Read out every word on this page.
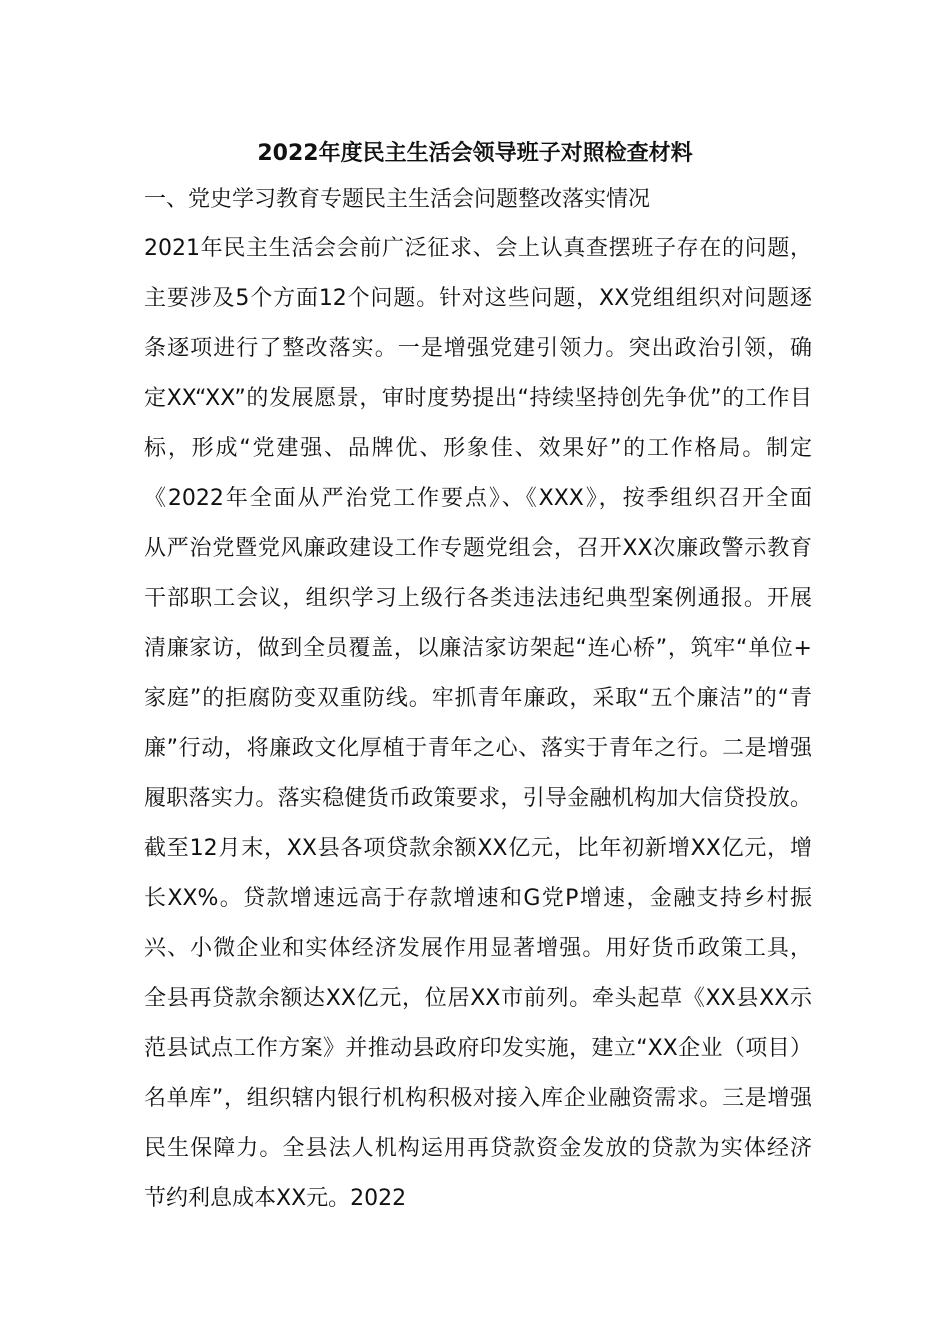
2022年度民主生活会领导班子对照检查材料
一、党史学习教育专题民主生活会问题整改落实情况
2021年民主生活会会前广泛征求、会上认真查摆班子存在的问题，
主要涉及5个方面12个问题。针对这些问题，XX党组组织对问题逐
条逐项进行了整改落实。一是增强党建引领力。突出政治引领，确
定XX“XX”的发展愿景，审时度势提出“持续坚持创先争优”的工作目
标，形成“党建强、品牌优、形象佳、效果好”的工作格局。制定
《2022年全面从严治党工作要点》、《XXX》，按季组织召开全面
从严治党暨党风廉政建设工作专题党组会，召开XX次廉政警示教育
干部职工会议，组织学习上级行各类违法违纪典型案例通报。开展
清廉家访，做到全员覆盖，以廉洁家访架起“连心桥”，筑牢“单位+
家庭”的拒腐防变双重防线。牢抓青年廉政，采取“五个廉洁”的“青
廉”行动，将廉政文化厚植于青年之心、落实于青年之行。二是增强
履职落实力。落实稳健货币政策要求，引导金融机构加大信贷投放。
截至12月末，XX县各项贷款余额XX亿元，比年初新增XX亿元，增
长XX%。贷款增速远高于存款增速和G党P增速，金融支持乡村振
兴、小微企业和实体经济发展作用显著增强。用好货币政策工具，
全县再贷款余额达XX亿元，位居XX市前列。牵头起草《XX县XX示
范县试点工作方案》并推动县政府印发实施，建立“XX企业（项目）
名单库”，组织辖内银行机构积极对接入库企业融资需求。三是增强
民生保障力。全县法人机构运用再贷款资金发放的贷款为实体经济
节约利息成本XX元。2022
